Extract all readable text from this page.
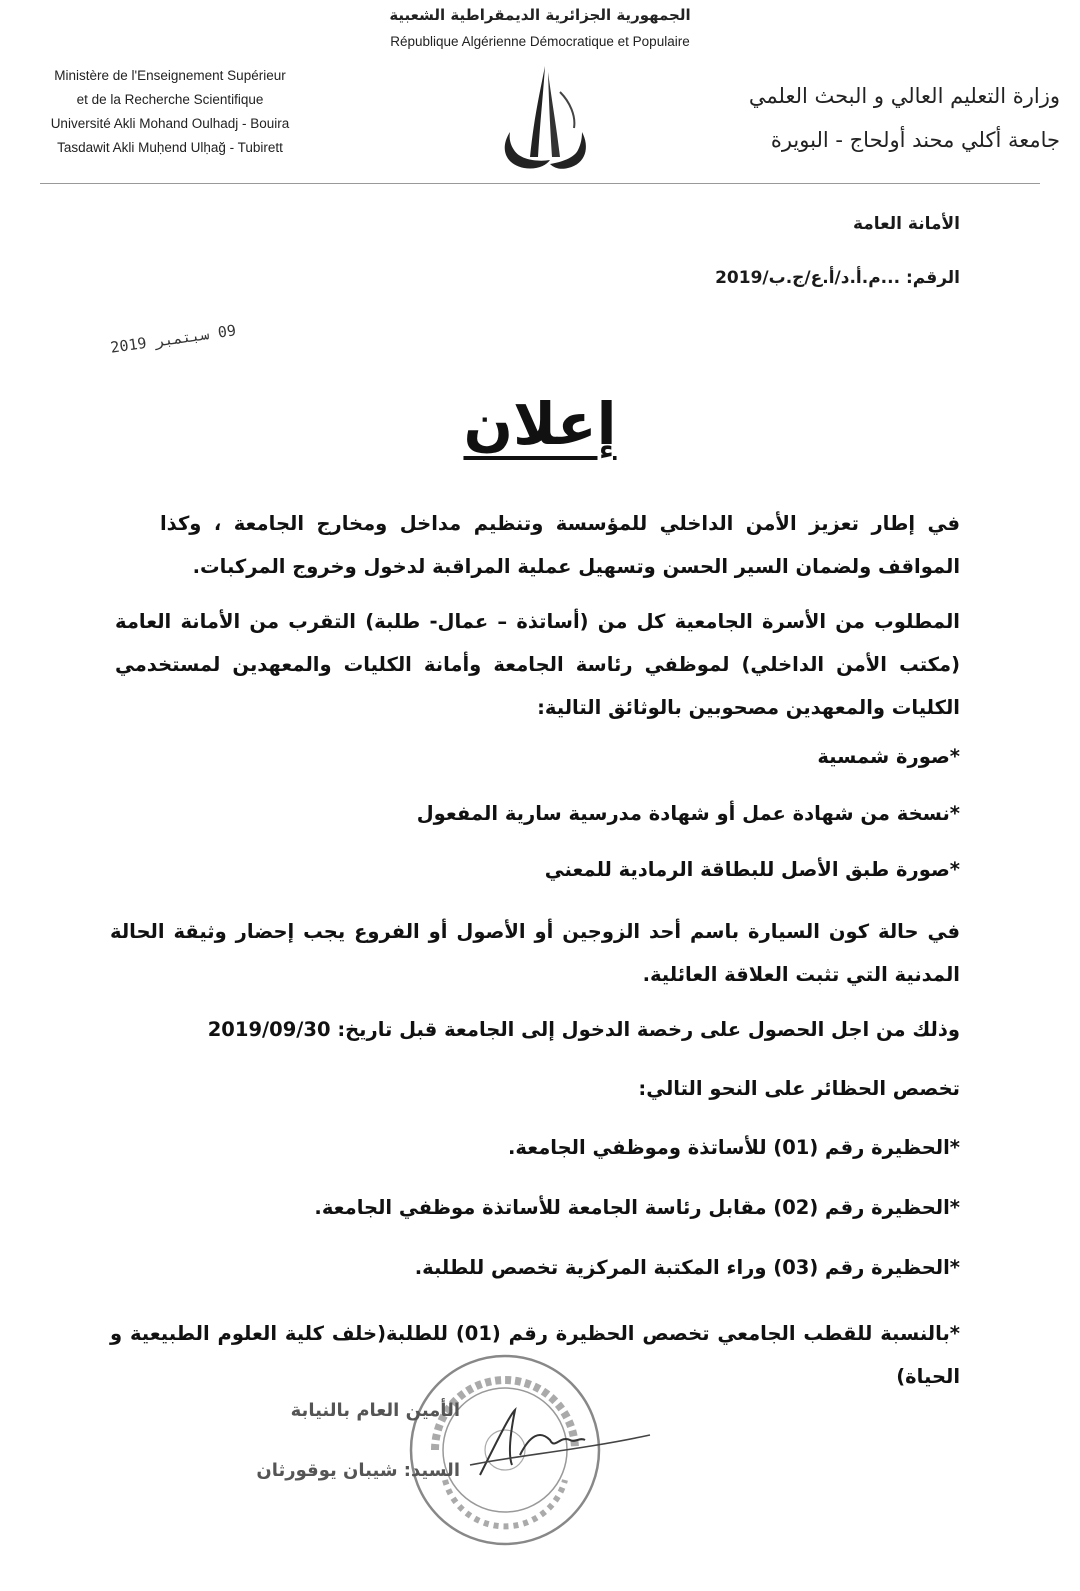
الجمهورية الجزائرية الديمقراطية الشعبية
République Algérienne Démocratique et Populaire
Ministère de l'Enseignement Supérieur
et de la Recherche Scientifique
Université Akli Mohand Oulhadj - Bouira
Tasdawit Akli Muḥend Ulḥağ - Tubirett
وزارة التعليم العالي و البحث العلمي
جامعة أكلي محند أولحاج - البويرة
الأمانة العامة
الرقم: ...م.أ.د/أ.ع/ج.ب/2019
09 سبتمبر 2019
إعلان
في إطار تعزيز الأمن الداخلي للمؤسسة وتنظيم مداخل ومخارج الجامعة ، وكذا المواقف ولضمان السير الحسن وتسهيل عملية المراقبة لدخول وخروج المركبات.
المطلوب من الأسرة الجامعية كل من (أساتذة – عمال- طلبة) التقرب من الأمانة العامة (مكتب الأمن الداخلي) لموظفي رئاسة الجامعة وأمانة الكليات والمعهدين لمستخدمي الكليات والمعهدين مصحوبين بالوثائق التالية:
*صورة شمسية
*نسخة من شهادة عمل أو شهادة مدرسية سارية المفعول
*صورة طبق الأصل للبطاقة الرمادية للمعني
في حالة كون السيارة باسم أحد الزوجين أو الأصول أو الفروع يجب إحضار وثيقة الحالة المدنية التي تثبت العلاقة العائلية.
وذلك من اجل الحصول على رخصة الدخول إلى الجامعة قبل تاريخ: 2019/09/30
تخصص الحظائر على النحو التالي:
*الحظيرة رقم (01) للأساتذة وموظفي الجامعة.
*الحظيرة رقم (02) مقابل رئاسة الجامعة للأساتذة موظفي الجامعة.
*الحظيرة رقم (03) وراء المكتبة المركزية تخصص للطلبة.
*بالنسبة للقطب الجامعي تخصص الحظيرة رقم (01) للطلبة(خلف كلية العلوم الطبيعية و الحياة)
الأمين العام بالنيابة
السيد: شيبان يوقورثان
